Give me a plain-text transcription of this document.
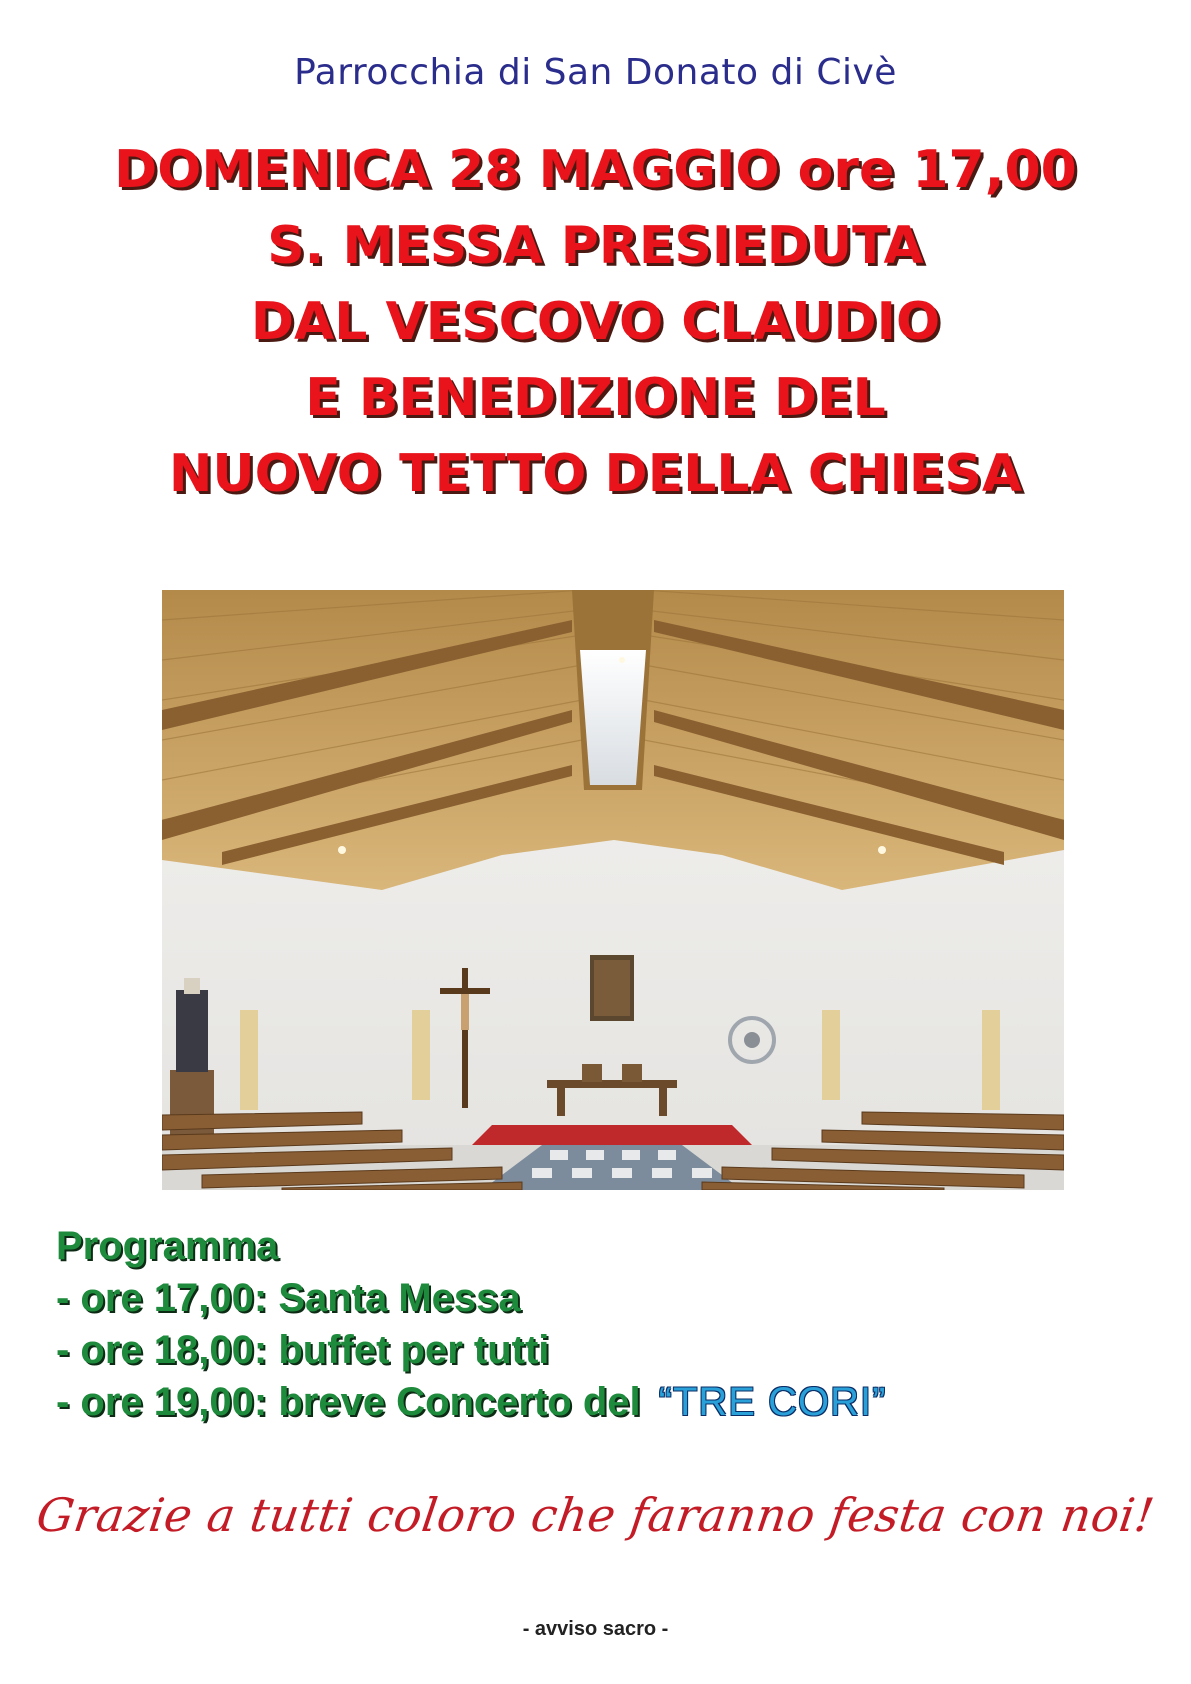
Parrocchia di San Donato di Civè
DOMENICA 28 MAGGIO ore 17,00
S. MESSA PRESIEDUTA
DAL VESCOVO CLAUDIO
E BENEDIZIONE DEL
NUOVO TETTO DELLA CHIESA
Programma
- ore 17,00: Santa Messa
- ore 18,00: buffet per tutti
- ore 19,00: breve Concerto del “TRE CORI”
Grazie a tutti coloro che faranno festa con noi!
- avviso sacro -
